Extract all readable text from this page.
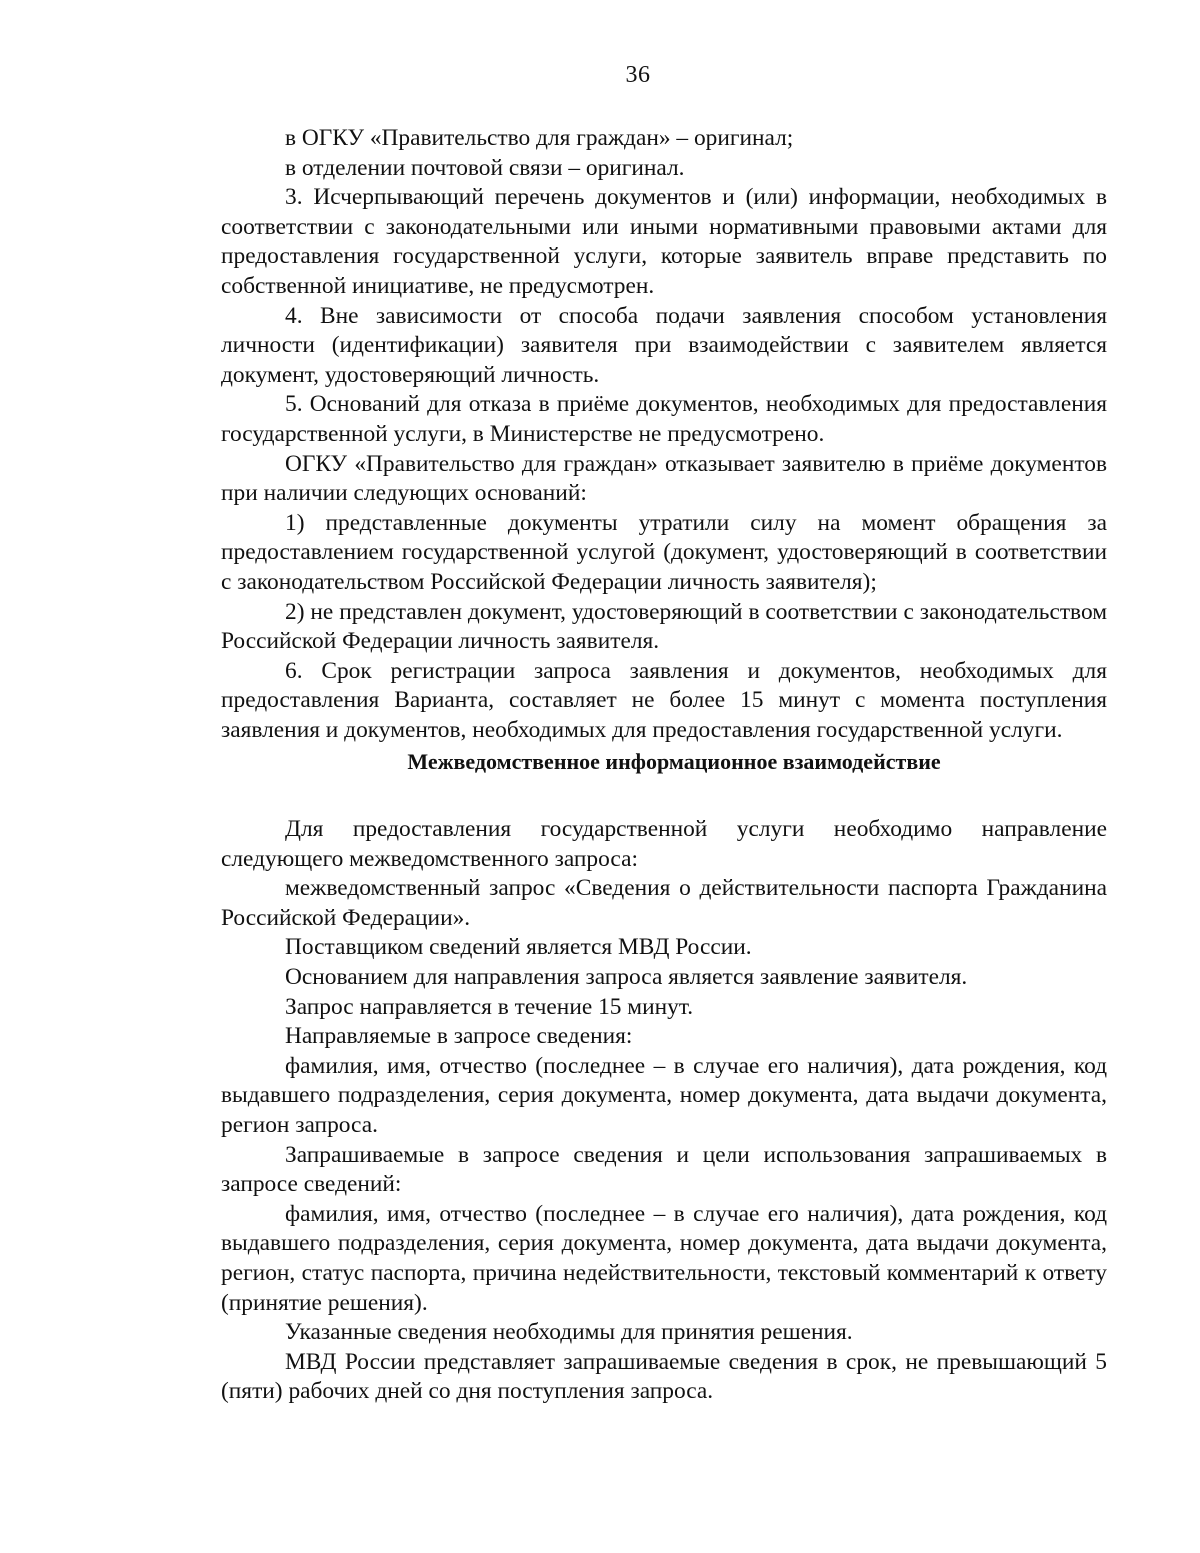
36

в ОГКУ «Правительство для граждан» – оригинал;

в отделении почтовой связи – оригинал.

3. Исчерпывающий перечень документов и (или) информации, необходимых в соответствии с законодательными или иными нормативными правовыми актами для предоставления государственной услуги, которые заявитель вправе представить по собственной инициативе, не предусмотрен.

4. Вне зависимости от способа подачи заявления способом установления личности (идентификации) заявителя при взаимодействии с заявителем является документ, удостоверяющий личность.

5. Оснований для отказа в приёме документов, необходимых для предоставления государственной услуги, в Министерстве не предусмотрено.

ОГКУ «Правительство для граждан» отказывает заявителю в приёме документов при наличии следующих оснований:

1) представленные документы утратили силу на момент обращения за предоставлением государственной услугой (документ, удостоверяющий в соответствии с законодательством Российской Федерации личность заявителя);

2) не представлен документ, удостоверяющий в соответствии с законодательством Российской Федерации личность заявителя.

6. Срок регистрации запроса заявления и документов, необходимых для предоставления Варианта, составляет не более 15 минут с момента поступления заявления и документов, необходимых для предоставления государственной услуги.

Межведомственное информационное взаимодействие

Для предоставления государственной услуги необходимо направление следующего межведомственного запроса:

межведомственный запрос «Сведения о действительности паспорта Гражданина Российской Федерации».

Поставщиком сведений является МВД России.

Основанием для направления запроса является заявление заявителя.

Запрос направляется в течение 15 минут.

Направляемые в запросе сведения:

фамилия, имя, отчество (последнее – в случае его наличия), дата рождения, код выдавшего подразделения, серия документа, номер документа, дата выдачи документа, регион запроса.

Запрашиваемые в запросе сведения и цели использования запрашиваемых в запросе сведений:

фамилия, имя, отчество (последнее – в случае его наличия), дата рождения, код выдавшего подразделения, серия документа, номер документа, дата выдачи документа, регион, статус паспорта, причина недействительности, текстовый комментарий к ответу (принятие решения).

Указанные сведения необходимы для принятия решения.

МВД России представляет запрашиваемые сведения в срок, не превышающий 5 (пяти) рабочих дней со дня поступления запроса.
